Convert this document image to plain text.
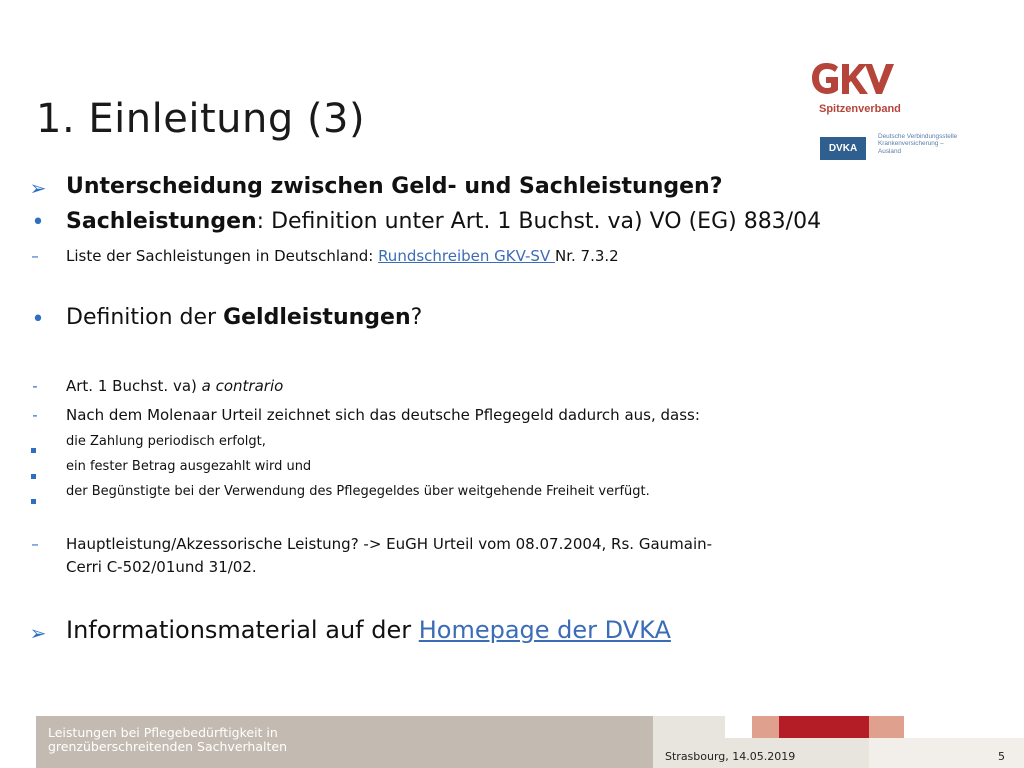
1. Einleitung (3)	Spitzenverband
DVKA
Deutsche Verbindungsstelle Krankenversicherung – Ausland
➢ Unterscheidung zwischen Geld- und Sachleistungen?
• Sachleistungen: Definition unter Art. 1 Buchst. va) VO (EG) 883/04
– Liste der Sachleistungen in Deutschland: Rundschreiben GKV-SV Nr. 7.3.2
• Definition der Geldleistungen?
- Art. 1 Buchst. va) a contrario
- Nach dem Molenaar Urteil zeichnet sich das deutsche Pflegegeld dadurch aus, dass:
die Zahlung periodisch erfolgt,
ein fester Betrag ausgezahlt wird und
der Begünstigte bei der Verwendung des Pflegegeldes über weitgehende Freiheit verfügt.
– Hauptleistung/Akzessorische Leistung? -> EuGH Urteil vom 08.07.2004, Rs. Gaumain-
Cerri C-502/01und 31/02.
➢ Informationsmaterial auf der Homepage der DVKA
Leistungen bei Pflegebedürftigkeit in
grenzüberschreitenden Sachverhalten
Strasbourg, 14.05.2019	5
